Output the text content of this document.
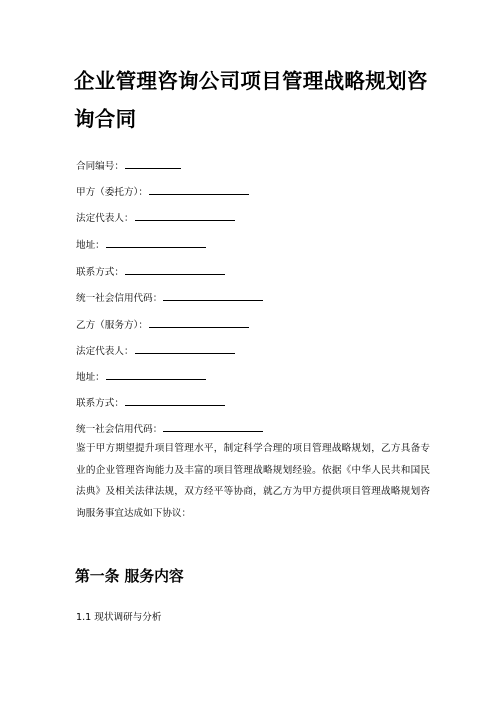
企业管理咨询公司项目管理战略规划咨询合同
合同编号：
甲方（委托方）：
法定代表人：
地址：
联系方式：
统一社会信用代码：
乙方（服务方）：
法定代表人：
地址：
联系方式：
统一社会信用代码：
鉴于甲方期望提升项目管理水平，制定科学合理的项目管理战略规划，乙方具备专业的企业管理咨询能力及丰富的项目管理战略规划经验。依据《中华人民共和国民法典》及相关法律法规，双方经平等协商，就乙方为甲方提供项目管理战略规划咨询服务事宜达成如下协议：
第一条 服务内容
1.1 现状调研与分析
